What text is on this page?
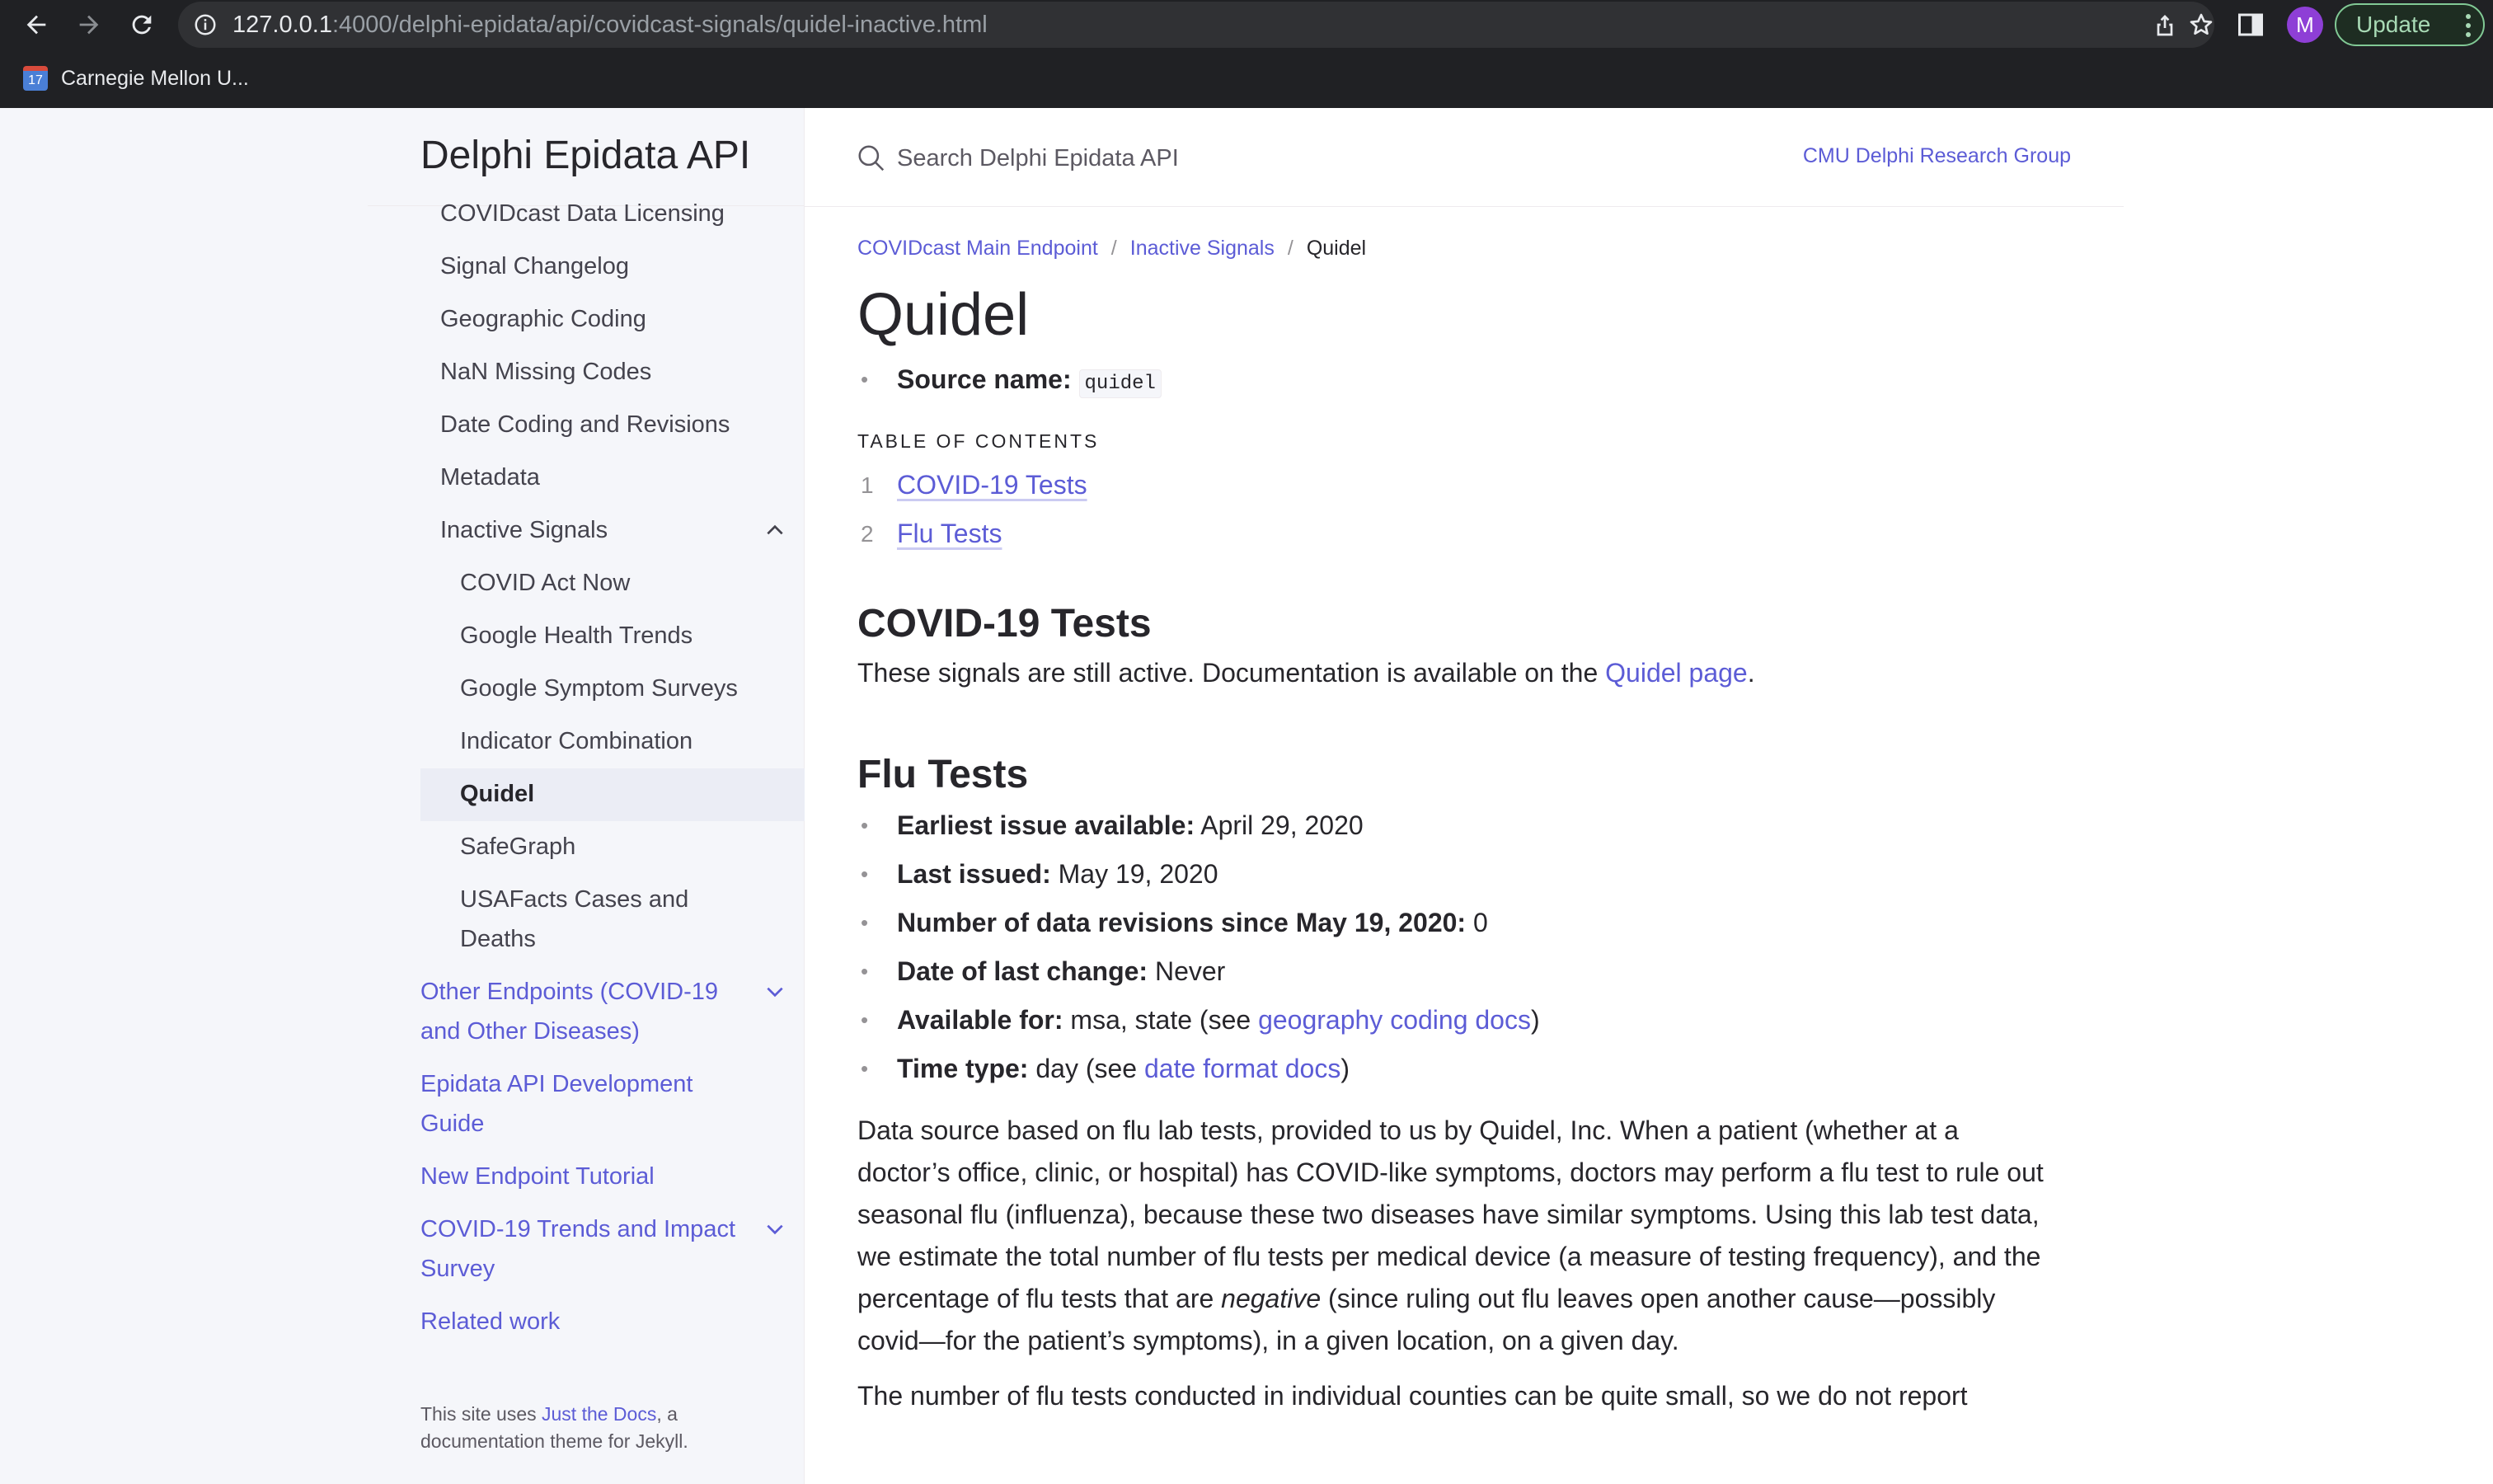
127.0.0.1:4000/delphi-epidata/api/covidcast-signals/quidel-inactive.html	M	Update
17 Carnegie Mellon U...
Delphi Epidata API
COVIDcast Data Licensing
Signal Changelog
Geographic Coding
NaN Missing Codes
Date Coding and Revisions
Metadata
Inactive Signals
COVID Act Now
Google Health Trends
Google Symptom Surveys
Indicator Combination
Quidel
SafeGraph
USAFacts Cases and
Deaths
Other Endpoints (COVID-19
and Other Diseases)
Epidata API Development
Guide
New Endpoint Tutorial
COVID-19 Trends and Impact
Survey
Related work
This site uses Just the Docs, a documentation theme for Jekyll.
Search Delphi Epidata API
CMU Delphi Research Group
COVIDcast Main Endpoint / Inactive Signals / Quidel
Quidel
• Source name: quidel
TABLE OF CONTENTS
1 COVID-19 Tests
2 Flu Tests
COVID-19 Tests

These signals are still active. Documentation is available on the Quidel page.

Flu Tests
• Earliest issue available: April 29, 2020
• Last issued: May 19, 2020
• Number of data revisions since May 19, 2020: 0
• Date of last change: Never
• Available for: msa, state (see geography coding docs)
• Time type: day (see date format docs)

Data source based on flu lab tests, provided to us by Quidel, Inc. When a patient (whether at a doctor’s office, clinic, or hospital) has COVID-like symptoms, doctors may perform a flu test to rule out seasonal flu (influenza), because these two diseases have similar symptoms. Using this lab test data, we estimate the total number of flu tests per medical device (a measure of testing frequency), and the percentage of flu tests that are negative (since ruling out flu leaves open another cause—possibly covid—for the patient’s symptoms), in a given location, on a given day.

The number of flu tests conducted in individual counties can be quite small, so we do not report
